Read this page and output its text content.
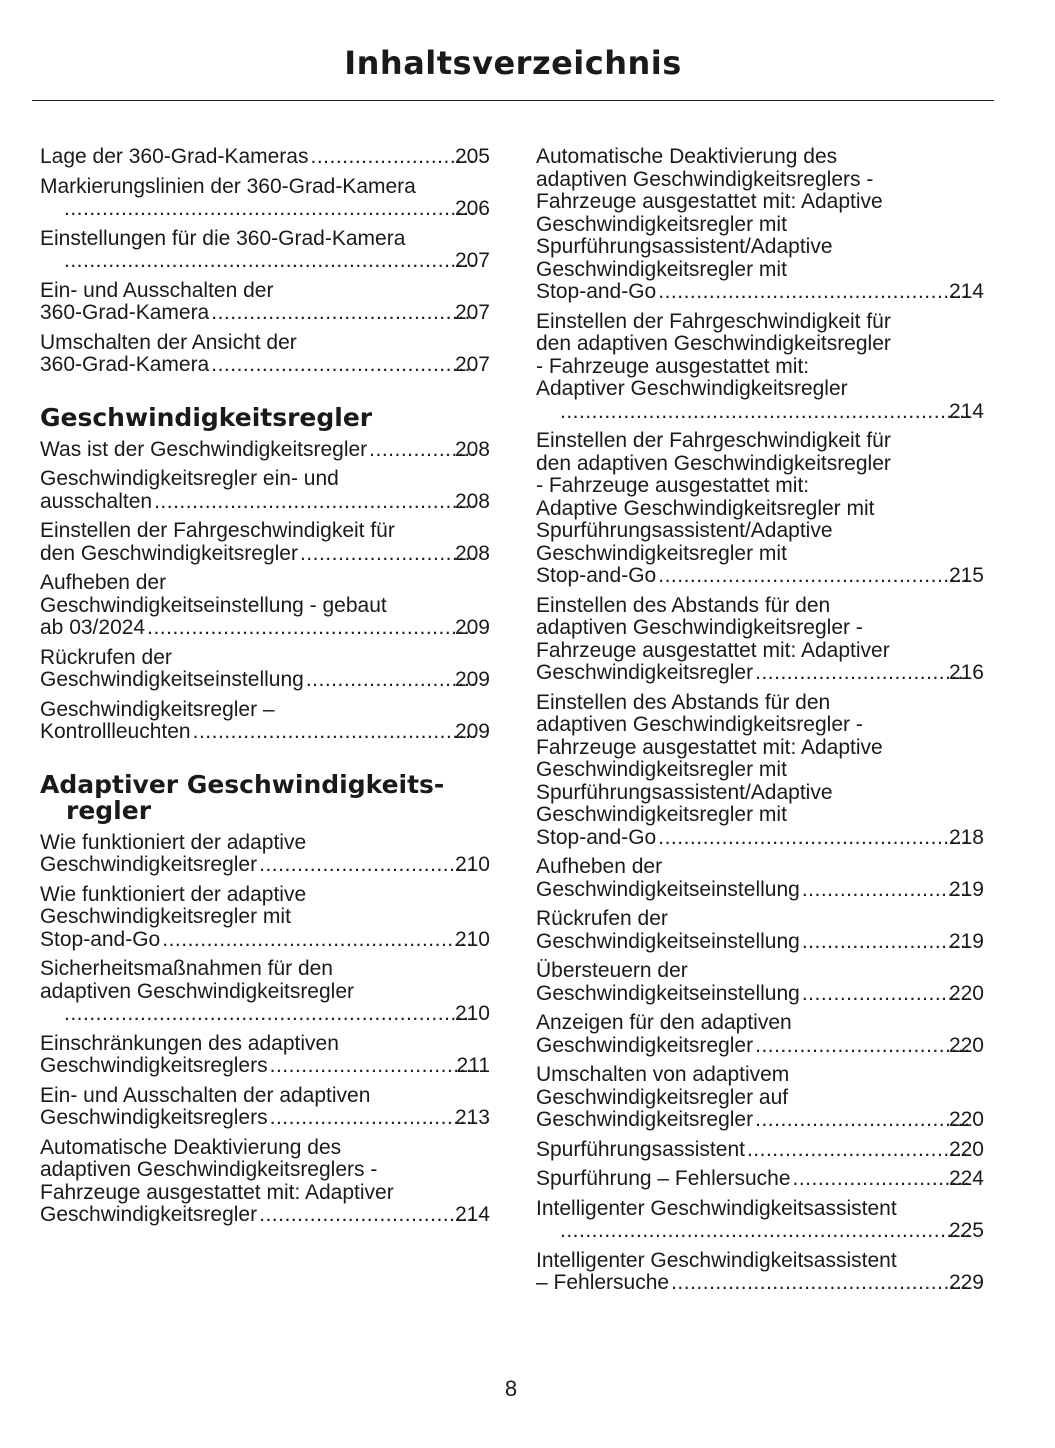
Inhaltsverzeichnis
Lage der 360-Grad-Kameras .....	205
Markierungslinien der 360-Grad-Kamera
.....
206
Einstellungen für die 360-Grad-Kamera
.....
207
Ein- und Ausschalten der
360-Grad-Kamera .....	207
Umschalten der Ansicht der
360-Grad-Kamera .....	207
Geschwindigkeitsregler
Was ist der Geschwindigkeitsregler .....	208
Geschwindigkeitsregler ein- und
ausschalten .....	208
Einstellen der Fahrgeschwindigkeit für
den Geschwindigkeitsregler .....	208
Aufheben der
Geschwindigkeitseinstellung - gebaut
ab 03/2024 .....	209
Rückrufen der
Geschwindigkeitseinstellung .....	209
Geschwindigkeitsregler –
Kontrollleuchten .....	209
Adaptiver Geschwindigkeits-
regler
Wie funktioniert der adaptive
Geschwindigkeitsregler .....	210
Wie funktioniert der adaptive
Geschwindigkeitsregler mit
Stop-and-Go .....	210
Sicherheitsmaßnahmen für den
adaptiven Geschwindigkeitsregler
.....
210
Einschränkungen des adaptiven
Geschwindigkeitsreglers .....	211
Ein- und Ausschalten der adaptiven
Geschwindigkeitsreglers .....	213
Automatische Deaktivierung des
adaptiven Geschwindigkeitsreglers -
Fahrzeuge ausgestattet mit: Adaptiver
Geschwindigkeitsregler .....	214
Automatische Deaktivierung des
adaptiven Geschwindigkeitsreglers -
Fahrzeuge ausgestattet mit: Adaptive
Geschwindigkeitsregler mit
Spurführungsassistent/Adaptive
Geschwindigkeitsregler mit
Stop-and-Go .....	214
Einstellen der Fahrgeschwindigkeit für
den adaptiven Geschwindigkeitsregler
- Fahrzeuge ausgestattet mit:
Adaptiver Geschwindigkeitsregler
.....
214
Einstellen der Fahrgeschwindigkeit für
den adaptiven Geschwindigkeitsregler
- Fahrzeuge ausgestattet mit:
Adaptive Geschwindigkeitsregler mit
Spurführungsassistent/Adaptive
Geschwindigkeitsregler mit
Stop-and-Go .....	215
Einstellen des Abstands für den
adaptiven Geschwindigkeitsregler -
Fahrzeuge ausgestattet mit: Adaptiver
Geschwindigkeitsregler .....	216
Einstellen des Abstands für den
adaptiven Geschwindigkeitsregler -
Fahrzeuge ausgestattet mit: Adaptive
Geschwindigkeitsregler mit
Spurführungsassistent/Adaptive
Geschwindigkeitsregler mit
Stop-and-Go .....	218
Aufheben der
Geschwindigkeitseinstellung .....	219
Rückrufen der
Geschwindigkeitseinstellung .....	219
Übersteuern der
Geschwindigkeitseinstellung .....	220
Anzeigen für den adaptiven
Geschwindigkeitsregler .....	220
Umschalten von adaptivem
Geschwindigkeitsregler auf
Geschwindigkeitsregler .....	220
Spurführungsassistent .....	220
Spurführung – Fehlersuche .....	224
Intelligenter Geschwindigkeitsassistent
.....
225
Intelligenter Geschwindigkeitsassistent
– Fehlersuche .....	229
8
